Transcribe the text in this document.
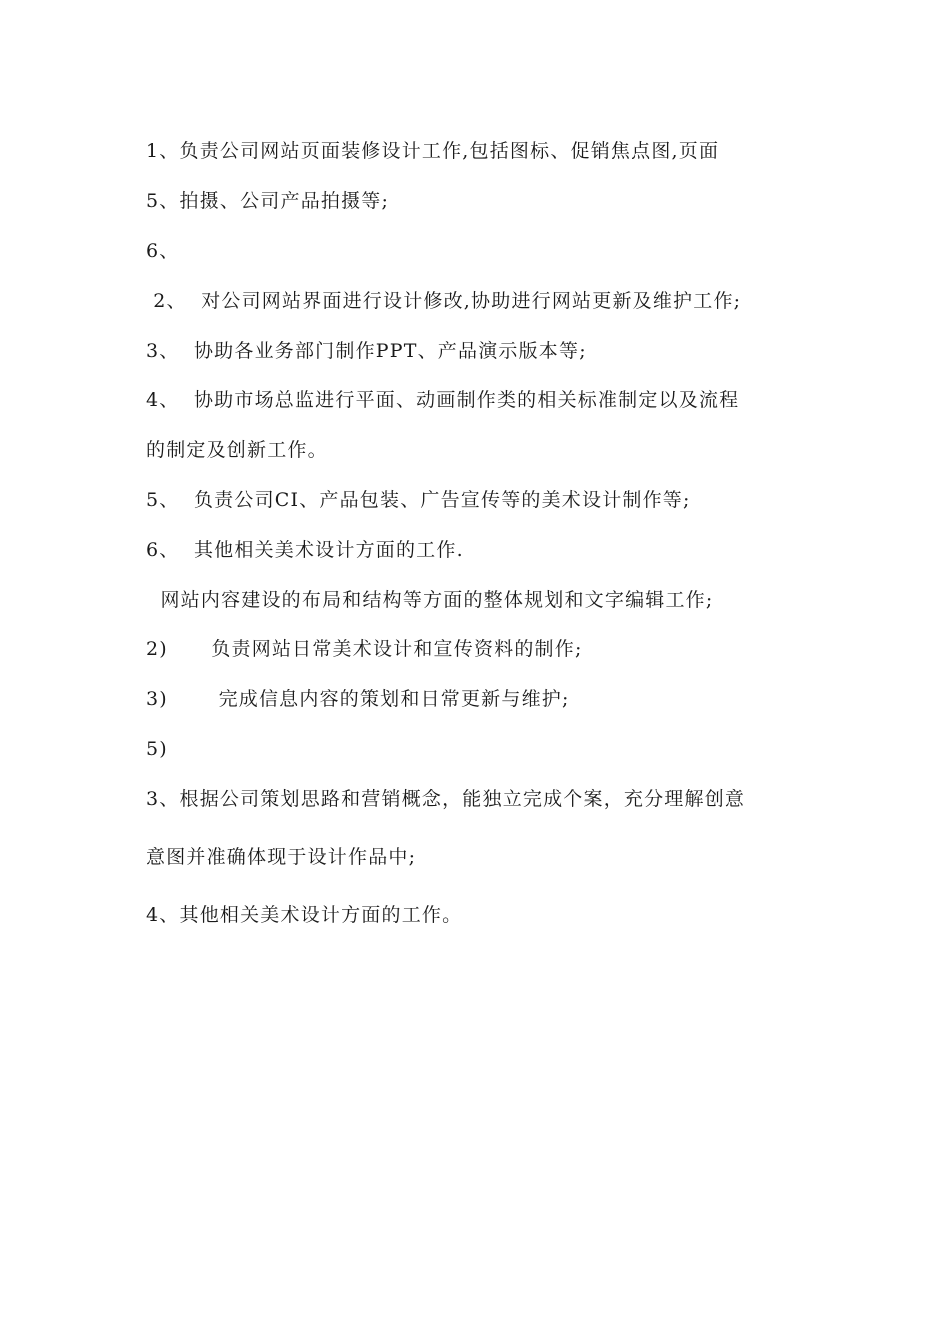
1、负责公司网站页面装修设计工作,包括图标、促销焦点图,页面
5、拍摄、公司产品拍摄等;
6、
2、  对公司网站界面进行设计修改,协助进行网站更新及维护工作;
3、  协助各业务部门制作PPT、产品演示版本等;
4、  协助市场总监进行平面、动画制作类的相关标准制定以及流程
的制定及创新工作。
5、  负责公司CI、产品包装、广告宣传等的美术设计制作等;
6、  其他相关美术设计方面的工作.
网站内容建设的布局和结构等方面的整体规划和文字编辑工作;
2)      负责网站日常美术设计和宣传资料的制作;
3)       完成信息内容的策划和日常更新与维护;
5)
3、根据公司策划思路和营销概念，能独立完成个案，充分理解创意
意图并准确体现于设计作品中;
4、其他相关美术设计方面的工作。
